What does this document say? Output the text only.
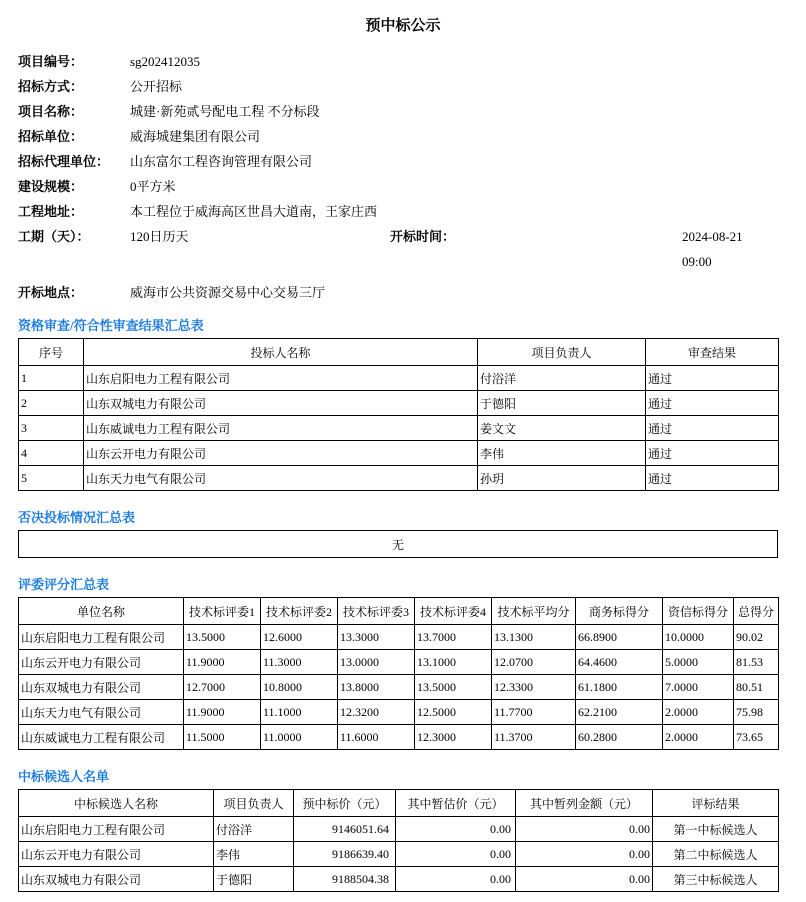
预中标公示
项目编号：	sg202412035
招标方式：	公开招标
项目名称：	城建·新苑贰号配电工程 不分标段
招标单位：	威海城建集团有限公司
招标代理单位： 山东富尔工程咨询管理有限公司
建设规模：	0平方米
工程地址：	本工程位于威海高区世昌大道南，王家庄西
工期（天）：	120日历天	开标时间：	2024-08-21
09:00
开标地点：	威海市公共资源交易中心交易三厅
资格审查/符合性审查结果汇总表
序号	投标人名称	项目负责人	审查结果
1	山东启阳电力工程有限公司	付浴洋	通过
2	山东双城电力有限公司	于德阳	通过
3	山东威诚电力工程有限公司	姜文文	通过
4	山东云开电力有限公司	李伟	通过
5	山东天力电气有限公司	孙玥	通过
否决投标情况汇总表
无
评委评分汇总表
单位名称	技术标评委1	技术标评委2	技术标评委3	技术标评委4	技术标平均分	商务标得分	资信标得分	总得分
山东启阳电力工程有限公司	13.5000	12.6000	13.3000	13.7000	13.1300	66.8900	10.0000	90.02
山东云开电力有限公司	11.9000	11.3000	13.0000	13.1000	12.0700	64.4600	5.0000	81.53
山东双城电力有限公司	12.7000	10.8000	13.8000	13.5000	12.3300	61.1800	7.0000	80.51
山东天力电气有限公司	11.9000	11.1000	12.3200	12.5000	11.7700	62.2100	2.0000	75.98
山东威诚电力工程有限公司	11.5000	11.0000	11.6000	12.3000	11.3700	60.2800	2.0000	73.65
中标候选人名单
中标候选人名称	项目负责人	预中标价（元）	其中暂估价（元）	其中暂列金额（元）	评标结果
山东启阳电力工程有限公司	付浴洋	9146051.64	0.00	0.00	第一中标候选人
山东云开电力有限公司	李伟	9186639.40	0.00	0.00	第二中标候选人
山东双城电力有限公司	于德阳	9188504.38	0.00	0.00	第三中标候选人
